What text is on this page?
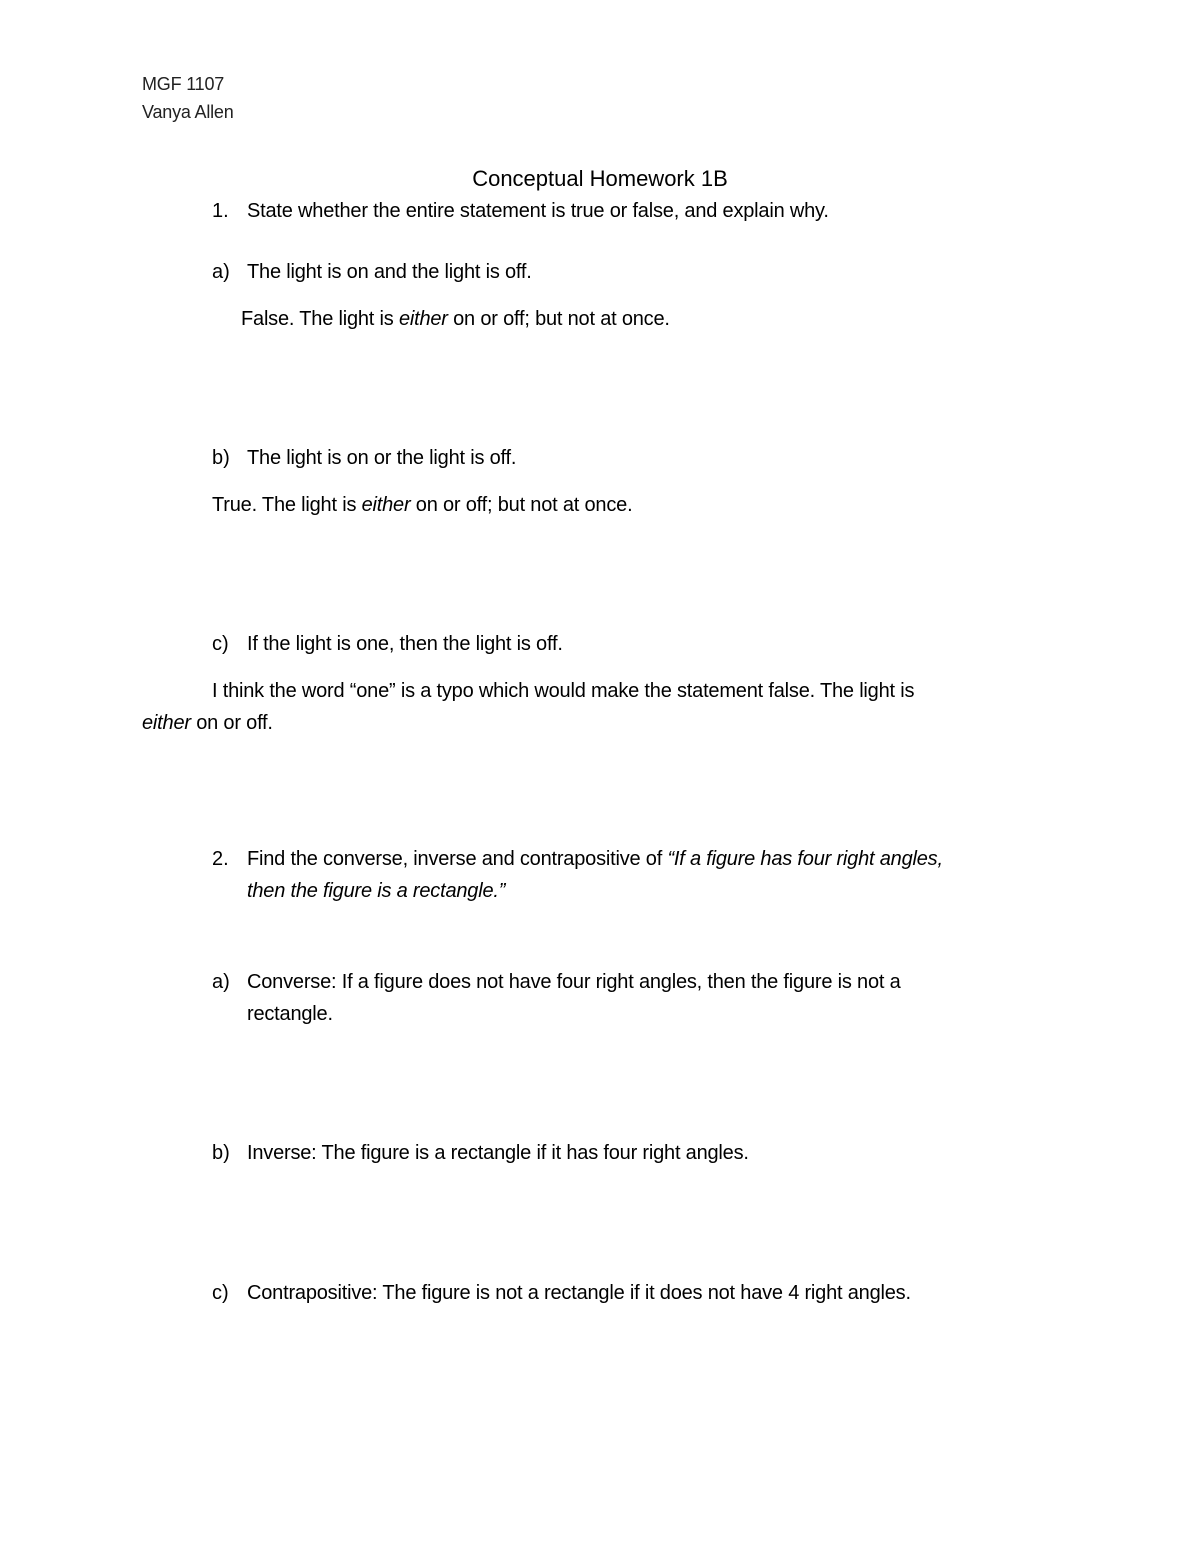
MGF 1107
Vanya Allen
Conceptual Homework 1B
1. State whether the entire statement is true or false, and explain why.
a) The light is on and the light is off.
False. The light is either on or off; but not at once.
b) The light is on or the light is off.
True. The light is either on or off; but not at once.
c) If the light is one, then the light is off.
I think the word “one” is a typo which would make the statement false. The light is
either on or off.
2. Find the converse, inverse and contrapositive of “If a figure has four right angles,
then the figure is a rectangle.”
a) Converse: If a figure does not have four right angles, then the figure is not a
rectangle.
b) Inverse: The figure is a rectangle if it has four right angles.
c) Contrapositive: The figure is not a rectangle if it does not have 4 right angles.
